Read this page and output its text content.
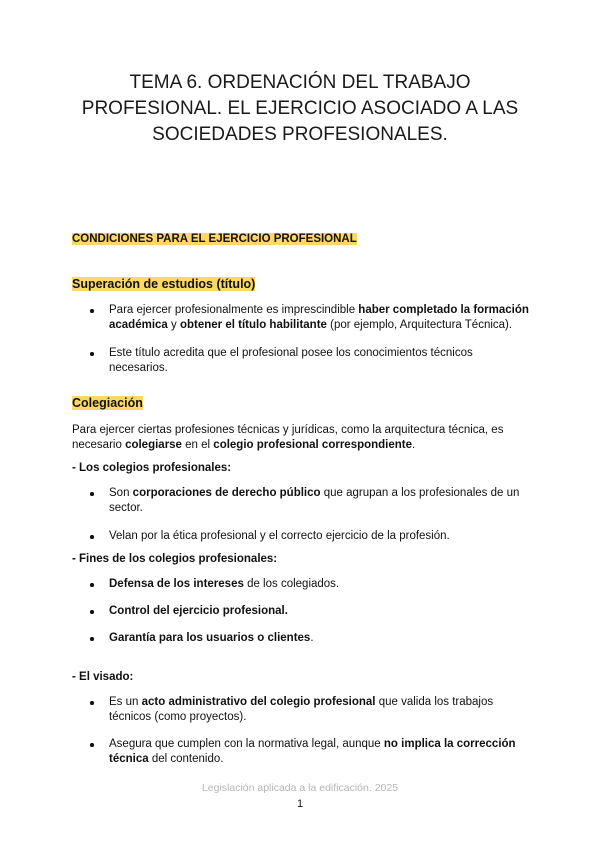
TEMA 6. ORDENACIÓN DEL TRABAJO
PROFESIONAL. EL EJERCICIO ASOCIADO A LAS
SOCIEDADES PROFESIONALES.
CONDICIONES PARA EL EJERCICIO PROFESIONAL
Superación de estudios (título)
Para ejercer profesionalmente es imprescindible haber completado la formación académica y obtener el título habilitante (por ejemplo, Arquitectura Técnica).
Este título acredita que el profesional posee los conocimientos técnicos necesarios.
Colegiación
Para ejercer ciertas profesiones técnicas y jurídicas, como la arquitectura técnica, es necesario colegiarse en el colegio profesional correspondiente.
- Los colegios profesionales:
Son corporaciones de derecho público que agrupan a los profesionales de un sector.
Velan por la ética profesional y el correcto ejercicio de la profesión.
- Fines de los colegios profesionales:
Defensa de los intereses de los colegiados.
Control del ejercicio profesional.
Garantía para los usuarios o clientes.
- El visado:
Es un acto administrativo del colegio profesional que valida los trabajos técnicos (como proyectos).
Asegura que cumplen con la normativa legal, aunque no implica la corrección técnica del contenido.
Legislación aplicada a la edificación. 2025
1
